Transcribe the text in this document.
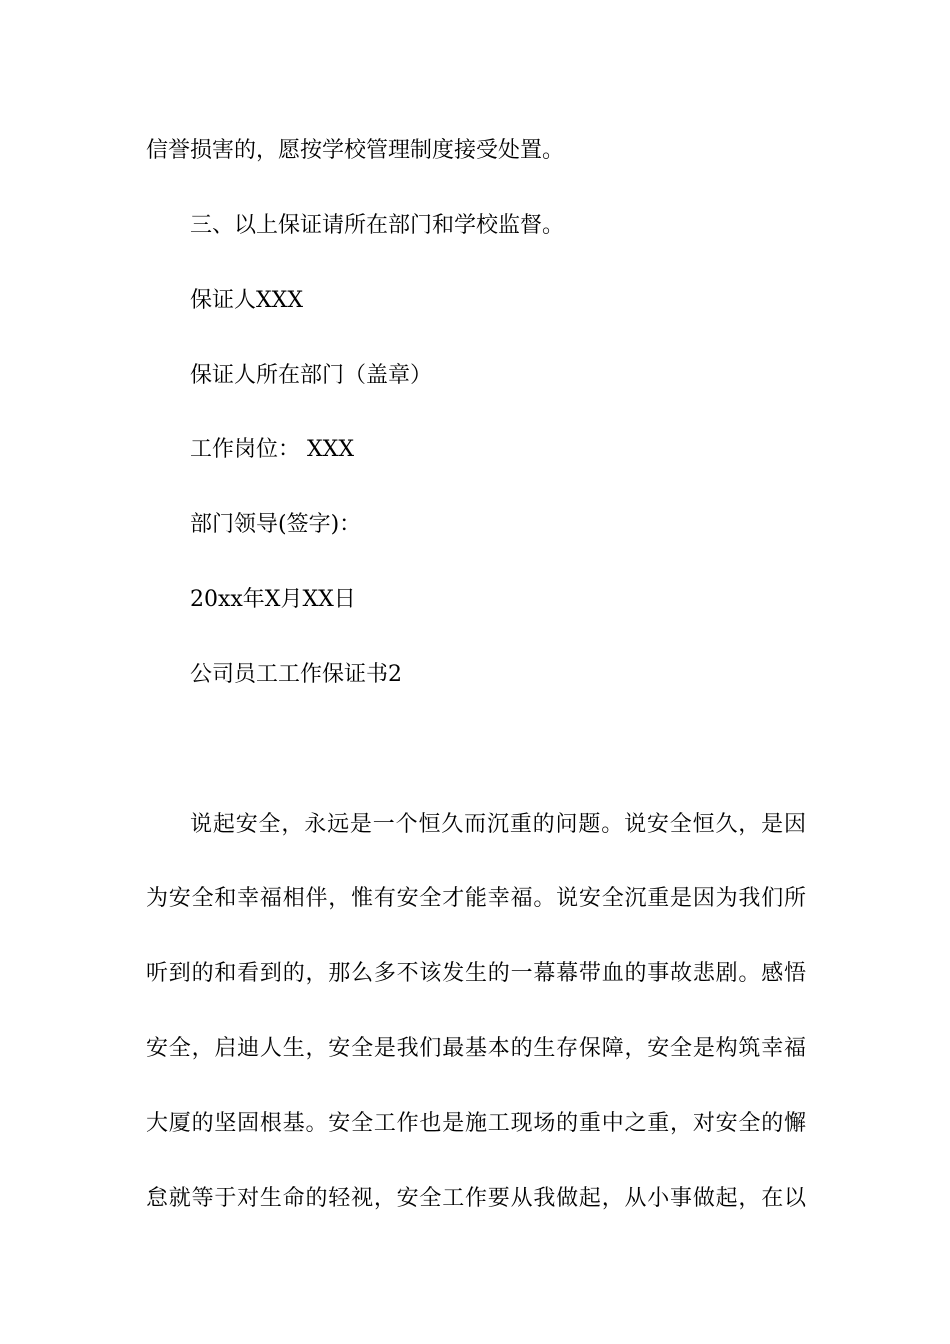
信誉损害的，愿按学校管理制度接受处置。
三、以上保证请所在部门和学校监督。
保证人XXX
保证人所在部门（盖章）
工作岗位： XXX
部门领导(签字)：
20xx年X月XX日
公司员工工作保证书2
说起安全，永远是一个恒久而沉重的问题。说安全恒久，是因
为安全和幸福相伴，惟有安全才能幸福。说安全沉重是因为我们所
听到的和看到的，那么多不该发生的一幕幕带血的事故悲剧。感悟
安全，启迪人生，安全是我们最基本的生存保障，安全是构筑幸福
大厦的坚固根基。安全工作也是施工现场的重中之重，对安全的懈
怠就等于对生命的轻视，安全工作要从我做起，从小事做起，在以
